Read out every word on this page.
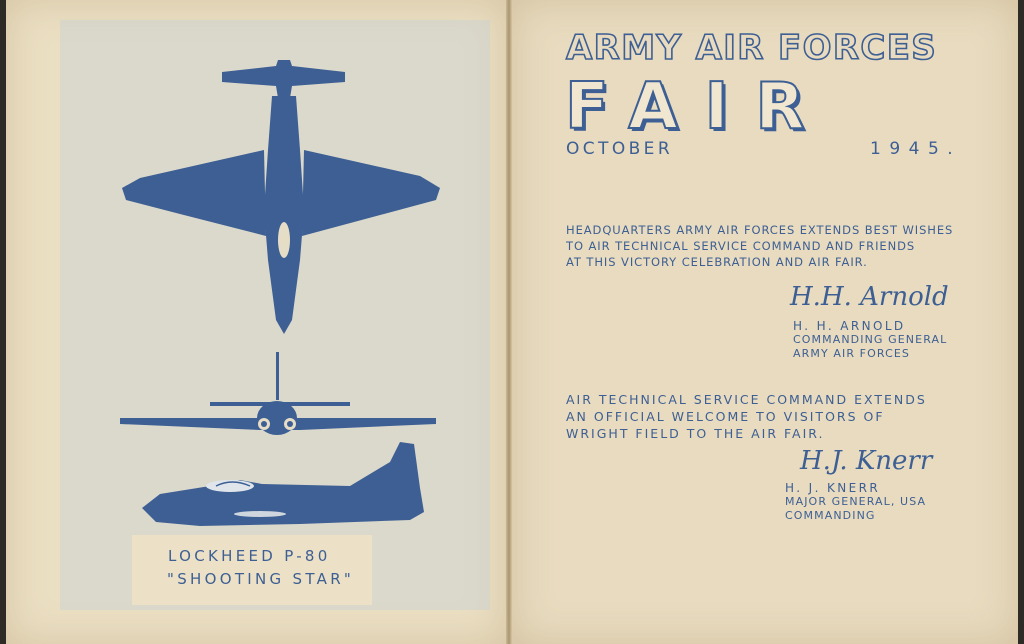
LOCKHEED P-80
"SHOOTING STAR"
ARMY AIR FORCES
FAIR
OCTOBER	1945.
HEADQUARTERS ARMY AIR FORCES EXTENDS BEST WISHES
TO AIR TECHNICAL SERVICE COMMAND AND FRIENDS
AT THIS VICTORY CELEBRATION AND AIR FAIR.
H.H. Arnold
H. H. ARNOLD
COMMANDING GENERAL
ARMY AIR FORCES
AIR TECHNICAL SERVICE COMMAND EXTENDS
AN OFFICIAL WELCOME TO VISITORS OF
WRIGHT FIELD TO THE AIR FAIR.
H.J. Knerr
H. J. KNERR
MAJOR GENERAL, USA
COMMANDING
